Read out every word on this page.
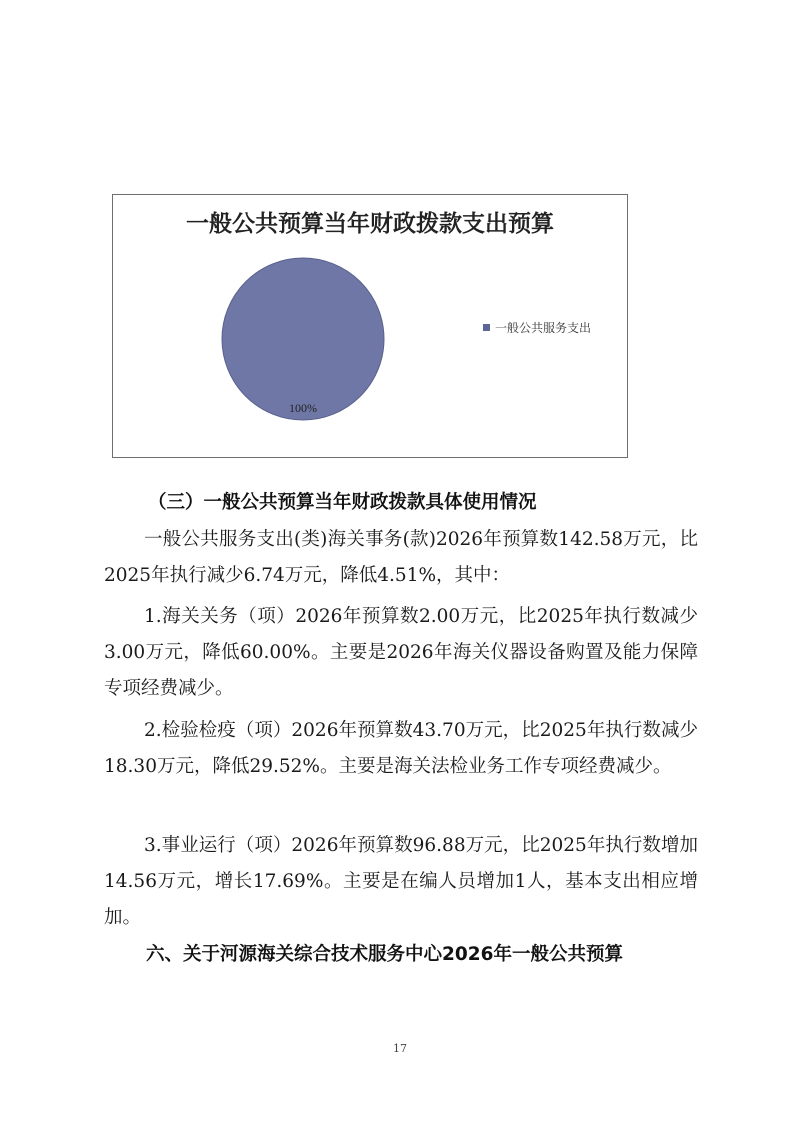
一般公共预算当年财政拨款支出预算
100%
一般公共服务支出

（三）一般公共预算当年财政拨款具体使用情况

一般公共服务支出(类)海关事务(款)2026年预算数142.58万元，比2025年执行减少6.74万元，降低4.51%，其中：

1.海关关务（项）2026年预算数2.00万元，比2025年执行数减少3.00万元，降低60.00%。主要是2026年海关仪器设备购置及能力保障专项经费减少。

2.检验检疫（项）2026年预算数43.70万元，比2025年执行数减少18.30万元，降低29.52%。主要是海关法检业务工作专项经费减少。

3.事业运行（项）2026年预算数96.88万元，比2025年执行数增加14.56万元，增长17.69%。主要是在编人员增加1人，基本支出相应增加。

六、关于河源海关综合技术服务中心2026年一般公共预算

17
